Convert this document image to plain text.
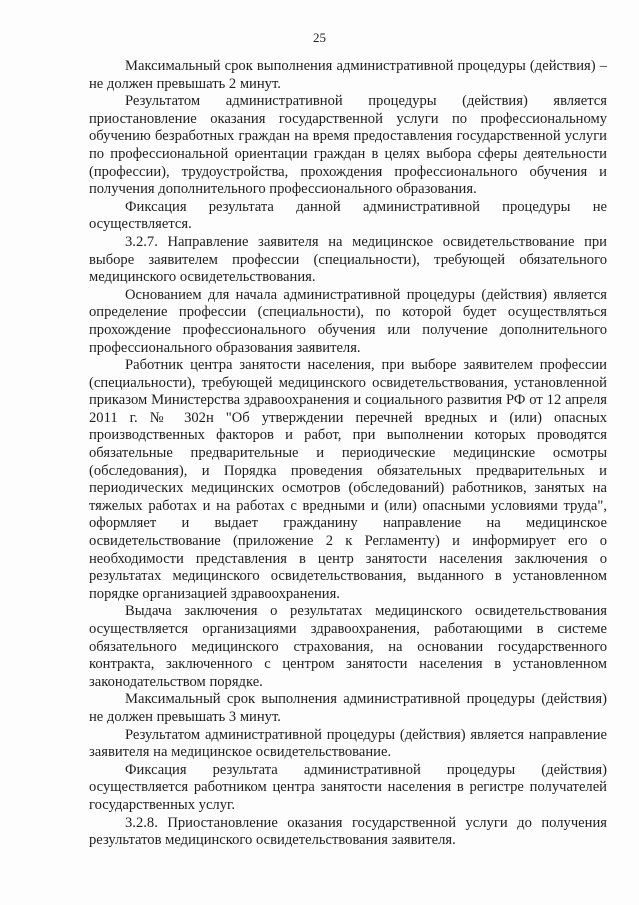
25

Максимальный срок выполнения административной процедуры (действия) – не должен превышать 2 минут.

Результатом административной процедуры (действия) является приостановление оказания государственной услуги по профессиональному обучению безработных граждан на время предоставления государственной услуги по профессиональной ориентации граждан в целях выбора сферы деятельности (профессии), трудоустройства, прохождения профессионального обучения и получения дополнительного профессионального образования.

Фиксация результата данной административной процедуры не осуществляется.

3.2.7. Направление заявителя на медицинское освидетельствование при выборе заявителем профессии (специальности), требующей обязательного медицинского освидетельствования.

Основанием для начала административной процедуры (действия) является определение профессии (специальности), по которой будет осуществляться прохождение профессионального обучения или получение дополнительного профессионального образования заявителя.

Работник центра занятости населения, при выборе заявителем профессии (специальности), требующей медицинского освидетельствования, установленной приказом Министерства здравоохранения и социального развития РФ от 12 апреля 2011 г. № 302н "Об утверждении перечней вредных и (или) опасных производственных факторов и работ, при выполнении которых проводятся обязательные предварительные и периодические медицинские осмотры (обследования), и Порядка проведения обязательных предварительных и периодических медицинских осмотров (обследований) работников, занятых на тяжелых работах и на работах с вредными и (или) опасными условиями труда", оформляет и выдает гражданину направление на медицинское освидетельствование (приложение 2 к Регламенту) и информирует его о необходимости представления в центр занятости населения заключения о результатах медицинского освидетельствования, выданного в установленном порядке организацией здравоохранения.

Выдача заключения о результатах медицинского освидетельствования осуществляется организациями здравоохранения, работающими в системе обязательного медицинского страхования, на основании государственного контракта, заключенного с центром занятости населения в установленном законодательством порядке.

Максимальный срок выполнения административной процедуры (действия) не должен превышать 3 минут.

Результатом административной процедуры (действия) является направление заявителя на медицинское освидетельствование.

Фиксация результата административной процедуры (действия) осуществляется работником центра занятости населения в регистре получателей государственных услуг.

3.2.8. Приостановление оказания государственной услуги до получения результатов медицинского освидетельствования заявителя.
